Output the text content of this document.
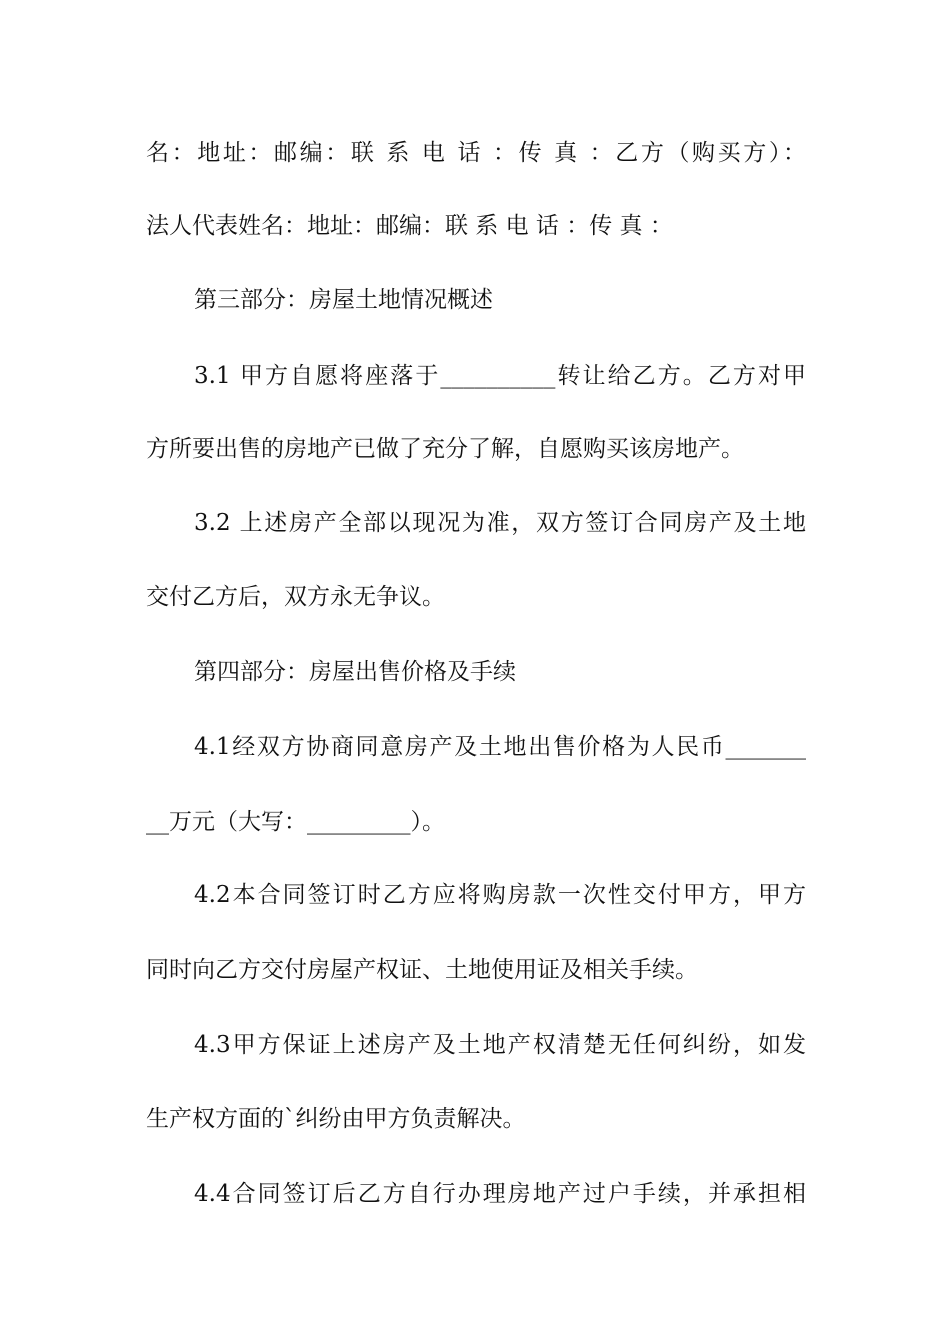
名：地址：邮编：联 系 电 话 ：传 真 ：乙方（购买方）：
法人代表姓名：地址：邮编：联 系 电 话 ：传 真 ：
第三部分：房屋土地情况概述
3.1 甲方自愿将座落于__________转让给乙方。乙方对甲
方所要出售的房地产已做了充分了解，自愿购买该房地产。
3.2 上述房产全部以现况为准，双方签订合同房产及土地
交付乙方后，双方永无争议。
第四部分：房屋出售价格及手续
4.1经双方协商同意房产及土地出售价格为人民币_______
__万元（大写：_________）。
4.2本合同签订时乙方应将购房款一次性交付甲方，甲方
同时向乙方交付房屋产权证、土地使用证及相关手续。
4.3甲方保证上述房产及土地产权清楚无任何纠纷，如发
生产权方面的`纠纷由甲方负责解决。
4.4合同签订后乙方自行办理房地产过户手续，并承担相
